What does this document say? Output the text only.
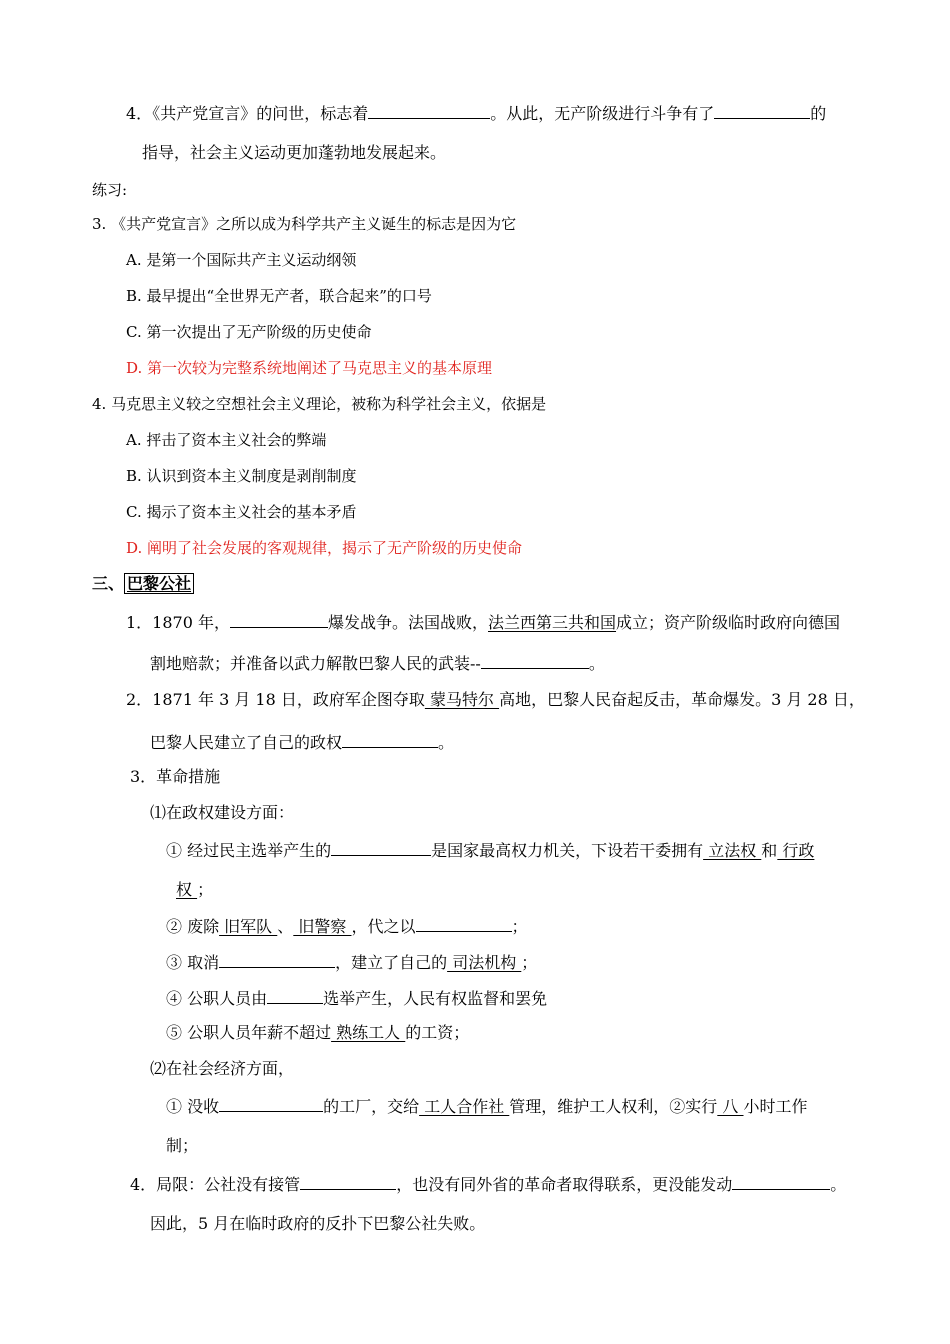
4．《共产党宣言》的问世，标志着	。从此，无产阶级进行斗争有了	的
指导，社会主义运动更加蓬勃地发展起来。
练习:
3. 《共产党宣言》之所以成为科学共产主义诞生的标志是因为它
A. 是第一个国际共产主义运动纲领
B. 最早提出“全世界无产者，联合起来”的口号
C. 第一次提出了无产阶级的历史使命
D. 第一次较为完整系统地阐述了马克思主义的基本原理
4. 马克思主义较之空想社会主义理论，被称为科学社会主义，依据是
A. 抨击了资本主义社会的弊端
B. 认识到资本主义制度是剥削制度
C. 揭示了资本主义社会的基本矛盾
D. 阐明了社会发展的客观规律，揭示了无产阶级的历史使命
三、 巴黎公社
1．1870 年，	爆发战争。法国战败，法兰西第三共和国成立；资产阶级临时政府向德国
割地赔款；并准备以武力解散巴黎人民的武装--	。
2．1871 年 3 月 18 日，政府军企图夺取 蒙马特尔 高地，巴黎人民奋起反击，革命爆发。3 月 28 日，
巴黎人民建立了自己的政权	。
3．革命措施
⑴在政权建设方面：
① 经过民主选举产生的	是国家最高权力机关，下设若干委拥有 立法权 和 行政
权 ；
② 废除 旧军队 、 旧警察 ，代之以	；
③ 取消	，建立了自己的 司法机构 ；
④ 公职人员由	选举产生，人民有权监督和罢免
⑤ 公职人员年薪不超过 熟练工人 的工资；
⑵在社会经济方面，
① 没收	的工厂，交给 工人合作社 管理，维护工人权利，②实行 八 小时工作
制；
4．局限：公社没有接管	，也没有同外省的革命者取得联系，更没能发动	。
因此，5 月在临时政府的反扑下巴黎公社失败。
